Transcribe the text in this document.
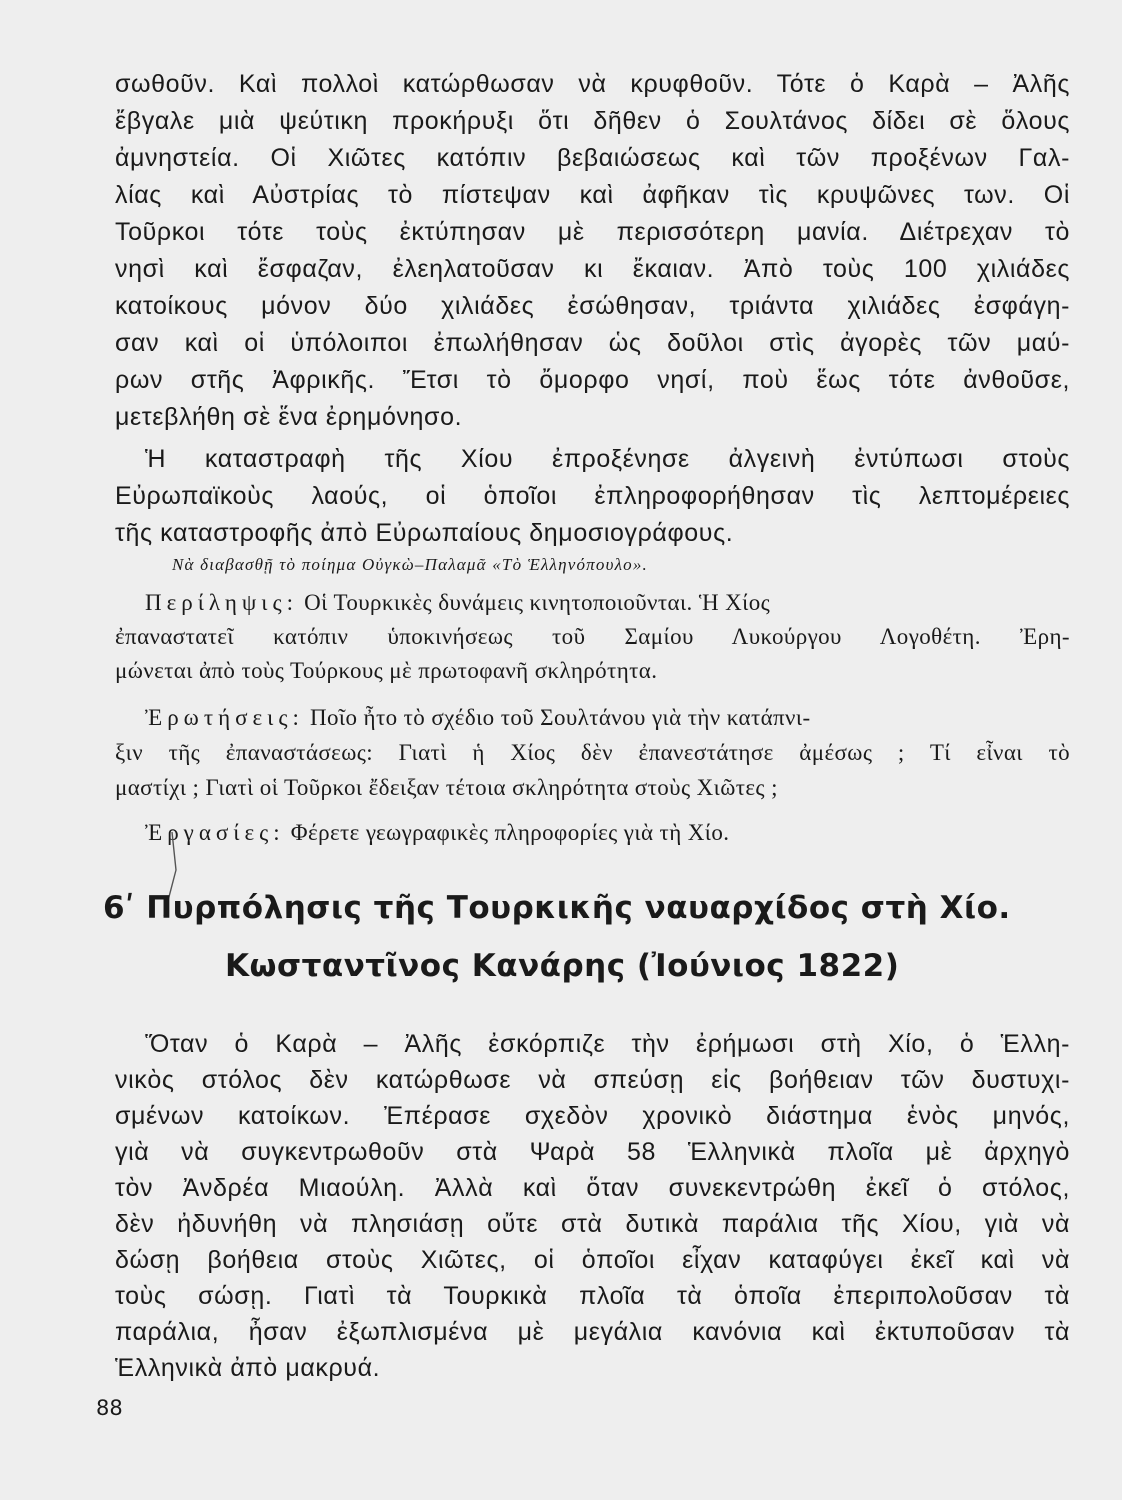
σωθοῦν. Καὶ πολλοὶ κατώρθωσαν νὰ κρυφθοῦν. Τότε ὁ Καρὰ – Ἀλῆς
ἔβγαλε μιὰ ψεύτικη προκήρυξι ὅτι δῆθεν ὁ Σουλτάνος δίδει σὲ ὅλους
ἀμνηστεία. Οἱ Χιῶτες κατόπιν βεβαιώσεως καὶ τῶν προξένων Γαλ-
λίας καὶ Αὐστρίας τὸ πίστεψαν καὶ ἀφῆκαν τὶς κρυψῶνες των. Οἱ
Τοῦρκοι τότε τοὺς ἐκτύπησαν μὲ περισσότερη μανία. Διέτρεχαν τὸ
νησὶ καὶ ἔσφαζαν, ἐλεηλατοῦσαν κι ἔκαιαν. Ἀπὸ τοὺς 100 χιλιάδες
κατοίκους μόνον δύο χιλιάδες ἐσώθησαν, τριάντα χιλιάδες ἐσφάγη-
σαν καὶ οἱ ὑπόλοιποι ἐπωλήθησαν ὡς δοῦλοι στὶς ἀγορὲς τῶν μαύ-
ρων στῆς Ἀφρικῆς. Ἔτσι τὸ ὄμορφο νησί, ποὺ ἕως τότε ἀνθοῦσε,
μετεβλήθη σὲ ἕνα ἐρημόνησο.
Ἡ καταστραφὴ τῆς Χίου ἐπροξένησε ἀλγεινὴ ἐντύπωσι στοὺς
Εὐρωπαϊκοὺς λαούς, οἱ ὁποῖοι ἐπληροφορήθησαν τὶς λεπτομέρειες
τῆς καταστροφῆς ἀπὸ Εὐρωπαίους δημοσιογράφους.
Νὰ διαβασθῇ τὸ ποίημα Οὐγκὼ–Παλαμᾶ «Τὸ Ἑλληνόπουλο».
Περίληψις: Οἱ Τουρκικὲς δυνάμεις κινητοποιοῦνται. Ἡ Χίος
ἐπαναστατεῖ κατόπιν ὑποκινήσεως τοῦ Σαμίου Λυκούργου Λογοθέτη. Ἐρη-
μώνεται ἀπὸ τοὺς Τούρκους μὲ πρωτοφανῆ σκληρότητα.
Ἐρωτήσεις: Ποῖο ἦτο τὸ σχέδιο τοῦ Σουλτάνου γιὰ τὴν κατάπνι-
ξιν τῆς ἐπαναστάσεως: Γιατὶ ἡ Χίος δὲν ἐπανεστάτησε ἀμέσως ; Τί εἶναι τὸ
μαστίχι ; Γιατὶ οἱ Τοῦρκοι ἔδειξαν τέτοια σκληρότητα στοὺς Χιῶτες ;
Ἐργασίες: Φέρετε γεωγραφικὲς πληροφορίες γιὰ τὴ Χίο.
6ʹ Πυρπόλησις τῆς Τουρκικῆς ναυαρχίδος στὴ Χίο.
Κωσταντῖνος Κανάρης (Ἰούνιος 1822)
Ὅταν ὁ Καρὰ – Ἀλῆς ἐσκόρπιζε τὴν ἐρήμωσι στὴ Χίο, ὁ Ἑλλη-
νικὸς στόλος δὲν κατώρθωσε νὰ σπεύσῃ εἰς βοήθειαν τῶν δυστυχι-
σμένων κατοίκων. Ἐπέρασε σχεδὸν χρονικὸ διάστημα ἑνὸς μηνός,
γιὰ νὰ συγκεντρωθοῦν στὰ Ψαρὰ 58 Ἑλληνικὰ πλοῖα μὲ ἀρχηγὸ
τὸν Ἀνδρέα Μιαούλη. Ἀλλὰ καὶ ὅταν συνεκεντρώθη ἐκεῖ ὁ στόλος,
δὲν ἠδυνήθη νὰ πλησιάσῃ οὔτε στὰ δυτικὰ παράλια τῆς Χίου, γιὰ νὰ
δώσῃ βοήθεια στοὺς Χιῶτες, οἱ ὁποῖοι εἶχαν καταφύγει ἐκεῖ καὶ νὰ
τοὺς σώσῃ. Γιατὶ τὰ Τουρκικὰ πλοῖα τὰ ὁποῖα ἐπεριπολοῦσαν τὰ
παράλια, ἦσαν ἐξωπλισμένα μὲ μεγάλια κανόνια καὶ ἐκτυποῦσαν τὰ
Ἑλληνικὰ ἀπὸ μακρυά.
88
